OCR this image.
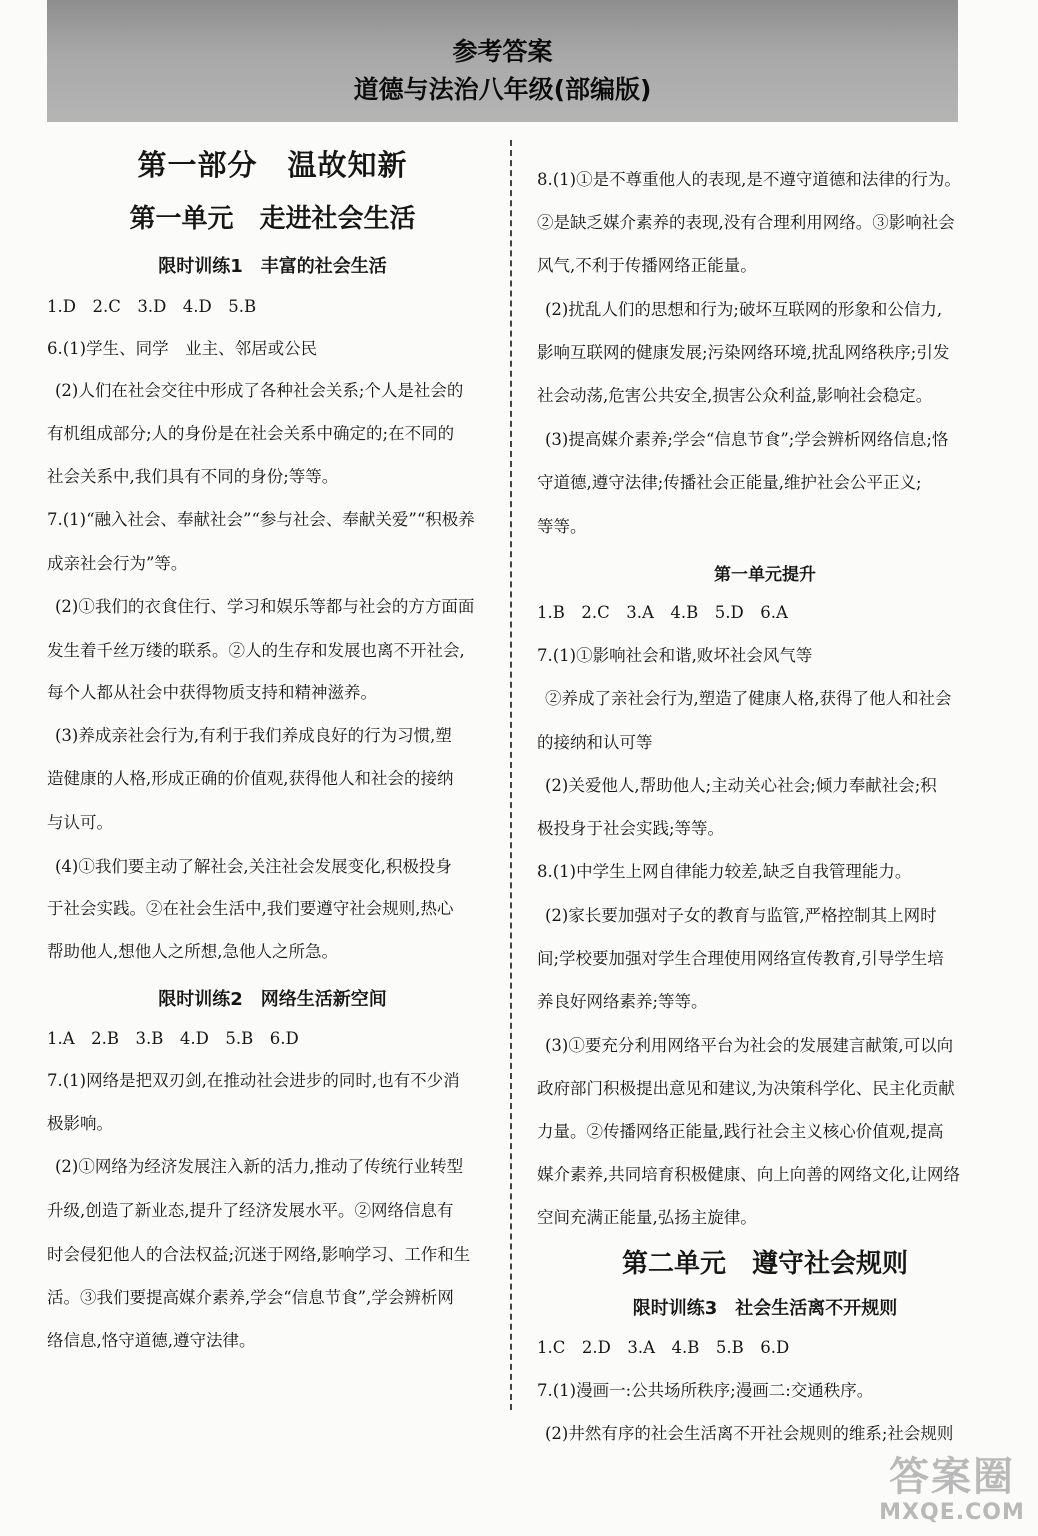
参考答案
道德与法治八年级(部编版)
第一部分　温故知新
第一单元　走进社会生活
限时训练1　丰富的社会生活
1.D　2.C　3.D　4.D　5.B
6.(1)学生、同学　业主、邻居或公民
(2)人们在社会交往中形成了各种社会关系;个人是社会的
有机组成部分;人的身份是在社会关系中确定的;在不同的
社会关系中,我们具有不同的身份;等等。
7.(1)“融入社会、奉献社会”“参与社会、奉献关爱”“积极养
成亲社会行为”等。
(2)①我们的衣食住行、学习和娱乐等都与社会的方方面面
发生着千丝万缕的联系。②人的生存和发展也离不开社会,
每个人都从社会中获得物质支持和精神滋养。
(3)养成亲社会行为,有利于我们养成良好的行为习惯,塑
造健康的人格,形成正确的价值观,获得他人和社会的接纳
与认可。
(4)①我们要主动了解社会,关注社会发展变化,积极投身
于社会实践。②在社会生活中,我们要遵守社会规则,热心
帮助他人,想他人之所想,急他人之所急。
限时训练2　网络生活新空间
1.A　2.B　3.B　4.D　5.B　6.D
7.(1)网络是把双刃剑,在推动社会进步的同时,也有不少消
极影响。
(2)①网络为经济发展注入新的活力,推动了传统行业转型
升级,创造了新业态,提升了经济发展水平。②网络信息有
时会侵犯他人的合法权益;沉迷于网络,影响学习、工作和生
活。③我们要提高媒介素养,学会“信息节食”,学会辨析网
络信息,恪守道德,遵守法律。
8.(1)①是不尊重他人的表现,是不遵守道德和法律的行为。
②是缺乏媒介素养的表现,没有合理利用网络。③影响社会
风气,不利于传播网络正能量。
(2)扰乱人们的思想和行为;破坏互联网的形象和公信力,
影响互联网的健康发展;污染网络环境,扰乱网络秩序;引发
社会动荡,危害公共安全,损害公众利益,影响社会稳定。
(3)提高媒介素养;学会“信息节食”;学会辨析网络信息;恪
守道德,遵守法律;传播社会正能量,维护社会公平正义;
等等。
第一单元提升
1.B　2.C　3.A　4.B　5.D　6.A
7.(1)①影响社会和谐,败坏社会风气等
②养成了亲社会行为,塑造了健康人格,获得了他人和社会
的接纳和认可等
(2)关爱他人,帮助他人;主动关心社会;倾力奉献社会;积
极投身于社会实践;等等。
8.(1)中学生上网自律能力较差,缺乏自我管理能力。
(2)家长要加强对子女的教育与监管,严格控制其上网时
间;学校要加强对学生合理使用网络宣传教育,引导学生培
养良好网络素养;等等。
(3)①要充分利用网络平台为社会的发展建言献策,可以向
政府部门积极提出意见和建议,为决策科学化、民主化贡献
力量。②传播网络正能量,践行社会主义核心价值观,提高
媒介素养,共同培育积极健康、向上向善的网络文化,让网络
空间充满正能量,弘扬主旋律。
第二单元　遵守社会规则
限时训练3　社会生活离不开规则
1.C　2.D　3.A　4.B　5.B　6.D
7.(1)漫画一:公共场所秩序;漫画二:交通秩序。
(2)井然有序的社会生活离不开社会规则的维系;社会规则
答案圈
MXQE.COM
